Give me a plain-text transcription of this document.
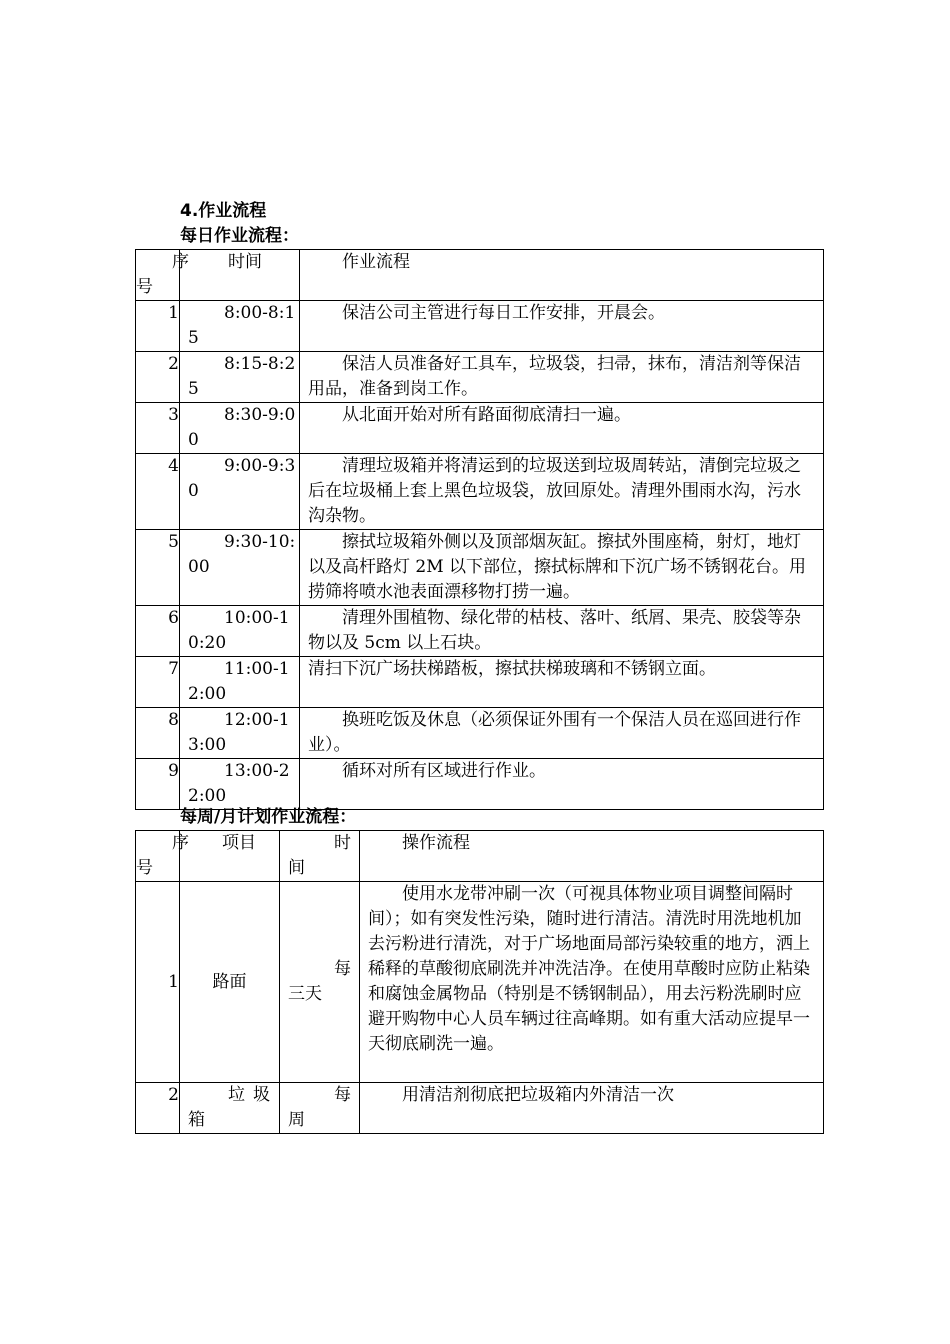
4.作业流程
每日作业流程：
序号	时间	作业流程
1	8:00-8:15	保洁公司主管进行每日工作安排，开晨会。
2	8:15-8:25	保洁人员准备好工具车，垃圾袋，扫帚，抹布，清洁剂等保洁用品，准备到岗工作。
3	8:30-9:00	从北面开始对所有路面彻底清扫一遍。
4	9:00-9:30	清理垃圾箱并将清运到的垃圾送到垃圾周转站，清倒完垃圾之后在垃圾桶上套上黑色垃圾袋，放回原处。清理外围雨水沟，污水沟杂物。
5	9:30-10:00	擦拭垃圾箱外侧以及顶部烟灰缸。擦拭外围座椅，射灯，地灯以及高杆路灯 2M 以下部位，擦拭标牌和下沉广场不锈钢花台。用捞筛将喷水池表面漂移物打捞一遍。
6	10:00-10:20	清理外围植物、绿化带的枯枝、落叶、纸屑、果壳、胶袋等杂物以及 5cm 以上石块。
7	11:00-12:00	清扫下沉广场扶梯踏板，擦拭扶梯玻璃和不锈钢立面。
8	12:00-13:00	换班吃饭及休息（必须保证外围有一个保洁人员在巡回进行作业）。
9	13:00-22:00	循环对所有区域进行作业。
每周/月计划作业流程：
序号	项目	时间	操作流程
1	路面	每三天	使用水龙带冲刷一次（可视具体物业项目调整间隔时间）；如有突发性污染，随时进行清洁。清洗时用洗地机加去污粉进行清洗，对于广场地面局部污染较重的地方，洒上稀释的草酸彻底刷洗并冲洗洁净。在使用草酸时应防止粘染和腐蚀金属物品（特别是不锈钢制品），用去污粉洗刷时应避开购物中心人员车辆过往高峰期。如有重大活动应提早一天彻底刷洗一遍。
2	垃圾箱	每周	用清洁剂彻底把垃圾箱内外清洁一次
